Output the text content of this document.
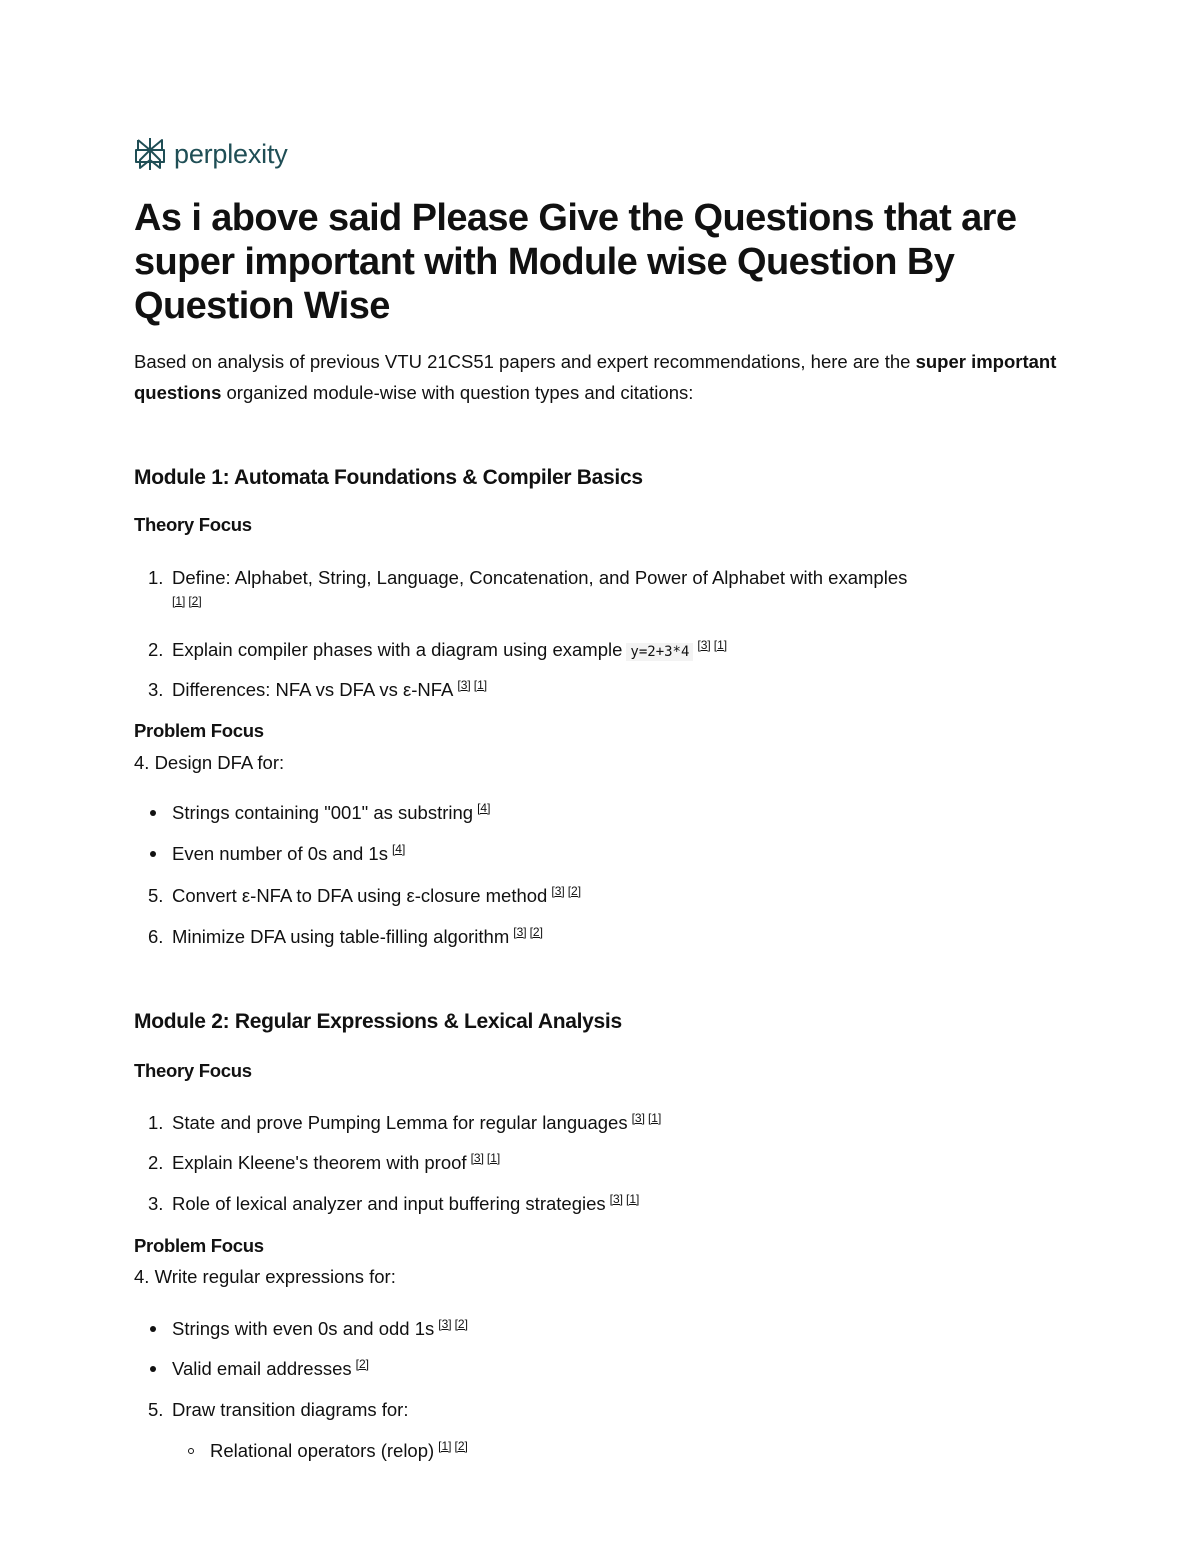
perplexity
As i above said Please Give the Questions that are super important with Module wise Question By Question Wise

Based on analysis of previous VTU 21CS51 papers and expert recommendations, here are the super important questions organized module-wise with question types and citations:

Module 1: Automata Foundations & Compiler Basics
Theory Focus
1. Define: Alphabet, String, Language, Concatenation, and Power of Alphabet with examples
[1] [2]
2. Explain compiler phases with a diagram using example y=2+3*4 [3] [1]
3. Differences: NFA vs DFA vs ε-NFA [3] [1]
Problem Focus
4. Design DFA for:
Strings containing "001" as substring [4]
Even number of 0s and 1s [4]
5. Convert ε-NFA to DFA using ε-closure method [3] [2]
6. Minimize DFA using table-filling algorithm [3] [2]
Module 2: Regular Expressions & Lexical Analysis
Theory Focus
1. State and prove Pumping Lemma for regular languages [3] [1]
2. Explain Kleene's theorem with proof [3] [1]
3. Role of lexical analyzer and input buffering strategies [3] [1]
Problem Focus
4. Write regular expressions for:
Strings with even 0s and odd 1s [3] [2]
Valid email addresses [2]
5. Draw transition diagrams for:
Relational operators (relop) [1] [2]
